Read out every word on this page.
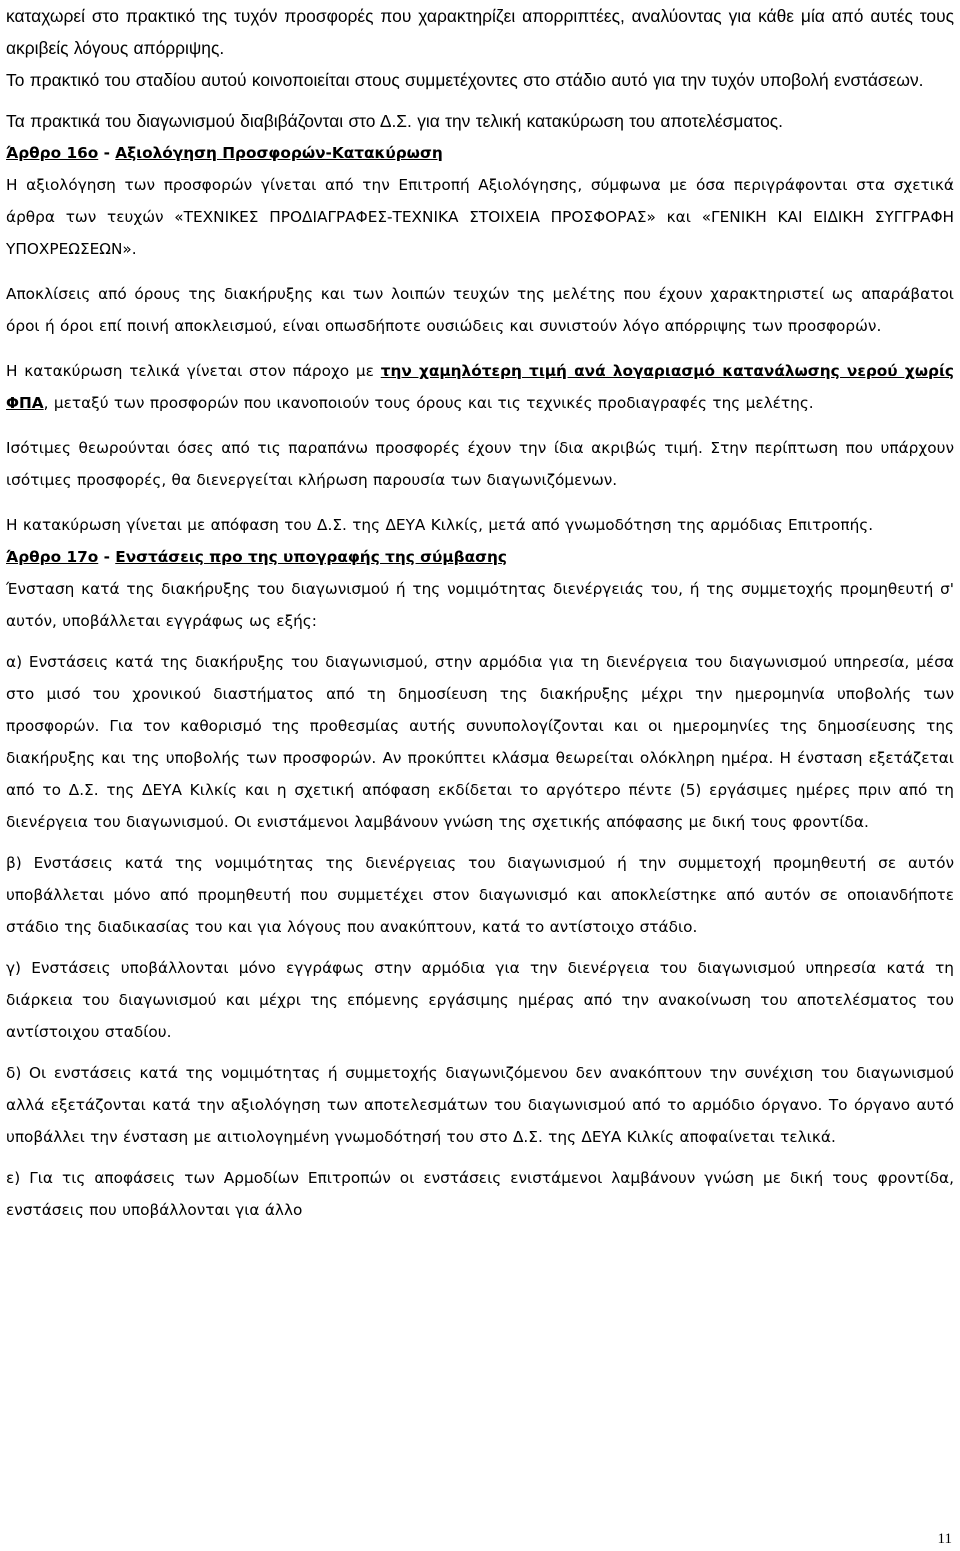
καταχωρεί στο πρακτικό της τυχόν προσφορές που χαρακτηρίζει απορριπτέες, αναλύοντας για κάθε μία από αυτές τους ακριβείς λόγους απόρριψης.

Το πρακτικό του σταδίου αυτού κοινοποιείται στους συμμετέχοντες στο στάδιο αυτό για την τυχόν υποβολή ενστάσεων.

Τα πρακτικά του διαγωνισμού διαβιβάζονται στο Δ.Σ. για την τελική κατακύρωση του αποτελέσματος.

Άρθρο 16ο - Αξιολόγηση Προσφορών-Κατακύρωση

Η αξιολόγηση των προσφορών γίνεται από την Επιτροπή Αξιολόγησης, σύμφωνα με όσα περιγράφονται στα σχετικά άρθρα των τευχών «ΤΕΧΝΙΚΕΣ ΠΡΟΔΙΑΓΡΑΦΕΣ-ΤΕΧΝΙΚΑ ΣΤΟΙΧΕΙΑ ΠΡΟΣΦΟΡΑΣ» και «ΓΕΝΙΚΗ ΚΑΙ ΕΙΔΙΚΗ ΣΥΓΓΡΑΦΗ ΥΠΟΧΡΕΩΣΕΩΝ».

Αποκλίσεις από όρους της διακήρυξης και των λοιπών τευχών της μελέτης που έχουν χαρακτηριστεί ως απαράβατοι όροι ή όροι επί ποινή αποκλεισμού, είναι οπωσδήποτε ουσιώδεις και συνιστούν λόγο απόρριψης των προσφορών.

Η κατακύρωση τελικά γίνεται στον πάροχο με την χαμηλότερη τιμή ανά λογαριασμό κατανάλωσης νερού χωρίς ΦΠΑ, μεταξύ των προσφορών που ικανοποιούν τους όρους και τις τεχνικές προδιαγραφές της μελέτης.

Ισότιμες θεωρούνται όσες από τις παραπάνω προσφορές έχουν την ίδια ακριβώς τιμή. Στην περίπτωση που υπάρχουν ισότιμες προσφορές, θα διενεργείται κλήρωση παρουσία των διαγωνιζόμενων.

Η κατακύρωση γίνεται με απόφαση του Δ.Σ. της ΔΕΥΑ Κιλκίς, μετά από γνωμοδότηση της αρμόδιας Επιτροπής.

Άρθρο 17ο - Ενστάσεις προ της υπογραφής της σύμβασης

Ένσταση κατά της διακήρυξης του διαγωνισμού ή της νομιμότητας διενέργειάς του, ή της συμμετοχής προμηθευτή σ' αυτόν, υποβάλλεται εγγράφως ως εξής:

α) Ενστάσεις κατά της διακήρυξης του διαγωνισμού, στην αρμόδια για τη διενέργεια του διαγωνισμού υπηρεσία, μέσα στο μισό του χρονικού διαστήματος από τη δημοσίευση της διακήρυξης μέχρι την ημερομηνία υποβολής των προσφορών. Για τον καθορισμό της προθεσμίας αυτής συνυπολογίζονται και οι ημερομηνίες της δημοσίευσης της διακήρυξης και της υποβολής των προσφορών. Αν προκύπτει κλάσμα θεωρείται ολόκληρη ημέρα. Η ένσταση εξετάζεται από το Δ.Σ. της ΔΕΥΑ Κιλκίς και η σχετική απόφαση εκδίδεται το αργότερο πέντε (5) εργάσιμες ημέρες πριν από τη διενέργεια του διαγωνισμού. Οι ενιστάμενοι λαμβάνουν γνώση της σχετικής απόφασης με δική τους φροντίδα.

β) Ενστάσεις κατά της νομιμότητας της διενέργειας του διαγωνισμού ή την συμμετοχή προμηθευτή σε αυτόν υποβάλλεται μόνο από προμηθευτή που συμμετέχει στον διαγωνισμό και αποκλείστηκε από αυτόν σε οποιανδήποτε στάδιο της διαδικασίας του και για λόγους που ανακύπτουν, κατά το αντίστοιχο στάδιο.

γ) Ενστάσεις υποβάλλονται μόνο εγγράφως στην αρμόδια για την διενέργεια του διαγωνισμού υπηρεσία κατά τη διάρκεια του διαγωνισμού και μέχρι της επόμενης εργάσιμης ημέρας από την ανακοίνωση του αποτελέσματος του αντίστοιχου σταδίου.

δ) Οι ενστάσεις κατά της νομιμότητας ή συμμετοχής διαγωνιζόμενου δεν ανακόπτουν την συνέχιση του διαγωνισμού αλλά εξετάζονται κατά την αξιολόγηση των αποτελεσμάτων του διαγωνισμού από το αρμόδιο όργανο. Το όργανο αυτό υποβάλλει την ένσταση με αιτιολογημένη γνωμοδότησή του στο Δ.Σ. της ΔΕΥΑ Κιλκίς αποφαίνεται τελικά.

ε) Για τις αποφάσεις των Αρμοδίων Επιτροπών οι ενστάσεις ενιστάμενοι λαμβάνουν γνώση με δική τους φροντίδα, ενστάσεις που υποβάλλονται για άλλο

11
